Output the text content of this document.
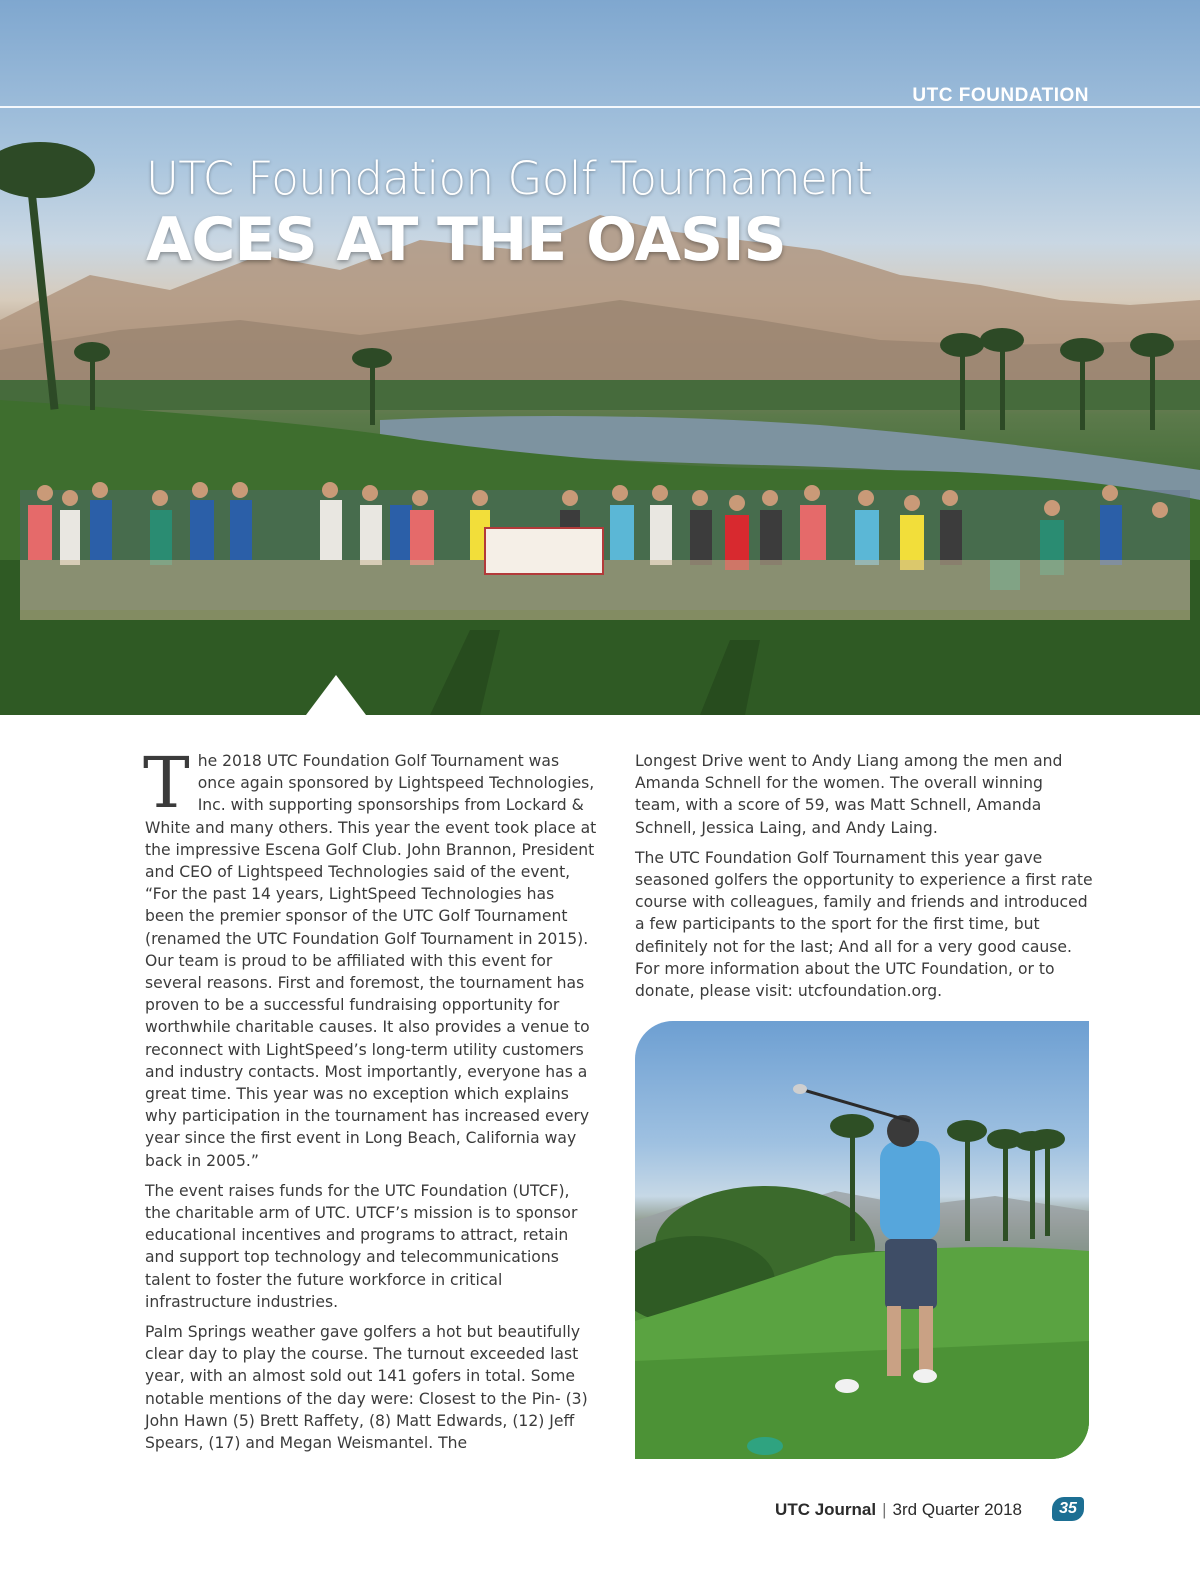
UTC FOUNDATION
UTC Foundation Golf Tournament
ACES AT THE OASIS

The 2018 UTC Foundation Golf Tournament was once again sponsored by Lightspeed Technologies, Inc. with supporting sponsorships from Lockard & White and many others. This year the event took place at the impressive Escena Golf Club. John Brannon, President and CEO of Lightspeed Technologies said of the event, “For the past 14 years, LightSpeed Technologies has been the premier sponsor of the UTC Golf Tournament (renamed the UTC Foundation Golf Tournament in 2015). Our team is proud to be affiliated with this event for several reasons. First and foremost, the tournament has proven to be a successful fundraising opportunity for worthwhile charitable causes. It also provides a venue to reconnect with LightSpeed’s long-term utility customers and industry contacts. Most importantly, everyone has a great time. This year was no exception which explains why participation in the tournament has increased every year since the first event in Long Beach, California way back in 2005.”

The event raises funds for the UTC Foundation (UTCF), the charitable arm of UTC. UTCF’s mission is to sponsor educational incentives and programs to attract, retain and support top technology and telecommunications talent to foster the future workforce in critical infrastructure industries.

Palm Springs weather gave golfers a hot but beautifully clear day to play the course. The turnout exceeded last year, with an almost sold out 141 gofers in total. Some notable mentions of the day were: Closest to the Pin- (3) John Hawn (5) Brett Raffety, (8) Matt Edwards, (12) Jeff Spears, (17) and Megan Weismantel. The

Longest Drive went to Andy Liang among the men and Amanda Schnell for the women. The overall winning team, with a score of 59, was Matt Schnell, Amanda Schnell, Jessica Laing, and Andy Laing.

The UTC Foundation Golf Tournament this year gave seasoned golfers the opportunity to experience a first rate course with colleagues, family and friends and introduced a few participants to the sport for the first time, but definitely not for the last; And all for a very good cause. For more information about the UTC Foundation, or to donate, please visit: utcfoundation.org.

UTC Journal | 3rd Quarter 2018	35
